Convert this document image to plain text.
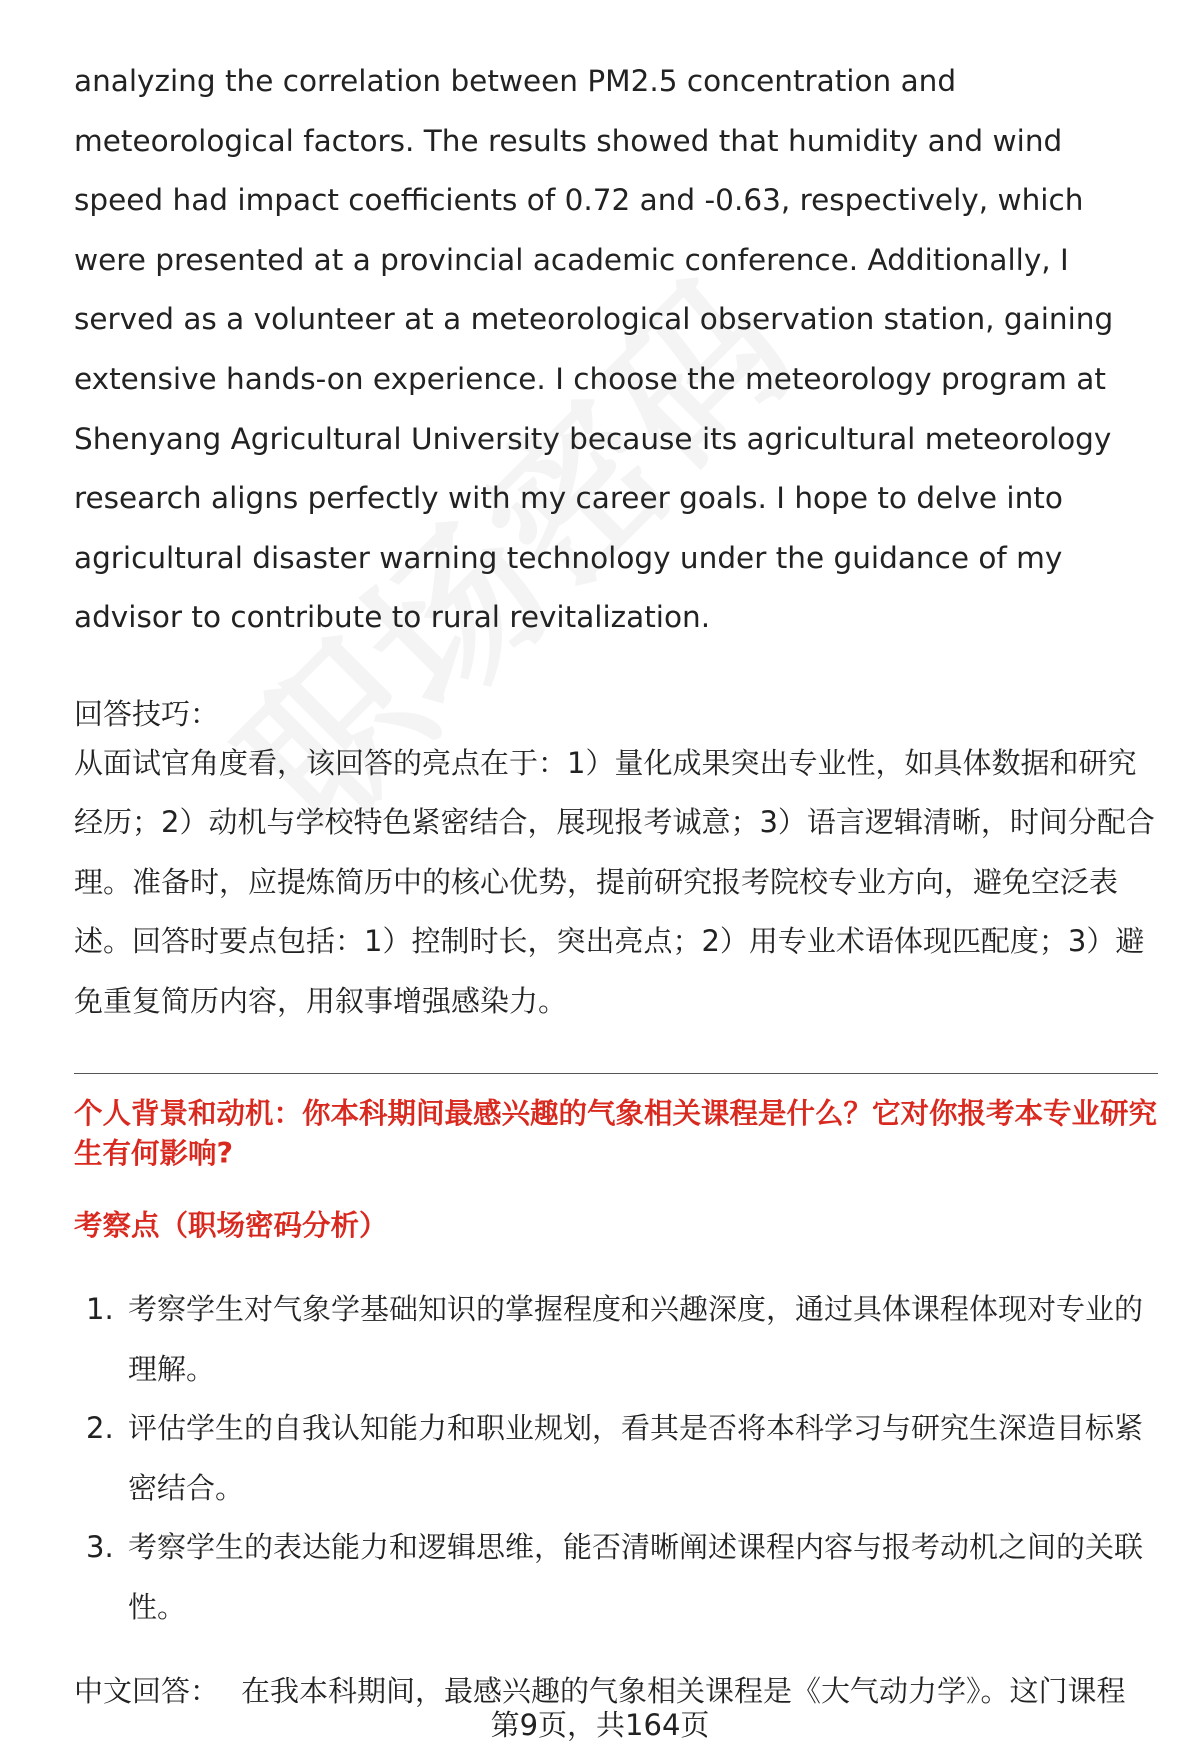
analyzing the correlation between PM2.5 concentration and meteorological factors. The results showed that humidity and wind speed had impact coefficients of 0.72 and -0.63, respectively, which were presented at a provincial academic conference. Additionally, I served as a volunteer at a meteorological observation station, gaining extensive hands-on experience. I choose the meteorology program at Shenyang Agricultural University because its agricultural meteorology research aligns perfectly with my career goals. I hope to delve into agricultural disaster warning technology under the guidance of my advisor to contribute to rural revitalization.

回答技巧：

从面试官角度看，该回答的亮点在于：1）量化成果突出专业性，如具体数据和研究经历；2）动机与学校特色紧密结合，展现报考诚意；3）语言逻辑清晰，时间分配合理。准备时，应提炼简历中的核心优势，提前研究报考院校专业方向，避免空泛表述。回答时要点包括：1）控制时长，突出亮点；2）用专业术语体现匹配度；3）避免重复简历内容，用叙事增强感染力。

个人背景和动机：你本科期间最感兴趣的气象相关课程是什么？它对你报考本专业研究生有何影响?

考察点（职场密码分析）

1. 考察学生对气象学基础知识的掌握程度和兴趣深度，通过具体课程体现对专业的理解。
2. 评估学生的自我认知能力和职业规划，看其是否将本科学习与研究生深造目标紧密结合。
3. 考察学生的表达能力和逻辑思维，能否清晰阐述课程内容与报考动机之间的关联性。

中文回答： 在我本科期间，最感兴趣的气象相关课程是《大气动力学》。这门课程

第9页，共164页
